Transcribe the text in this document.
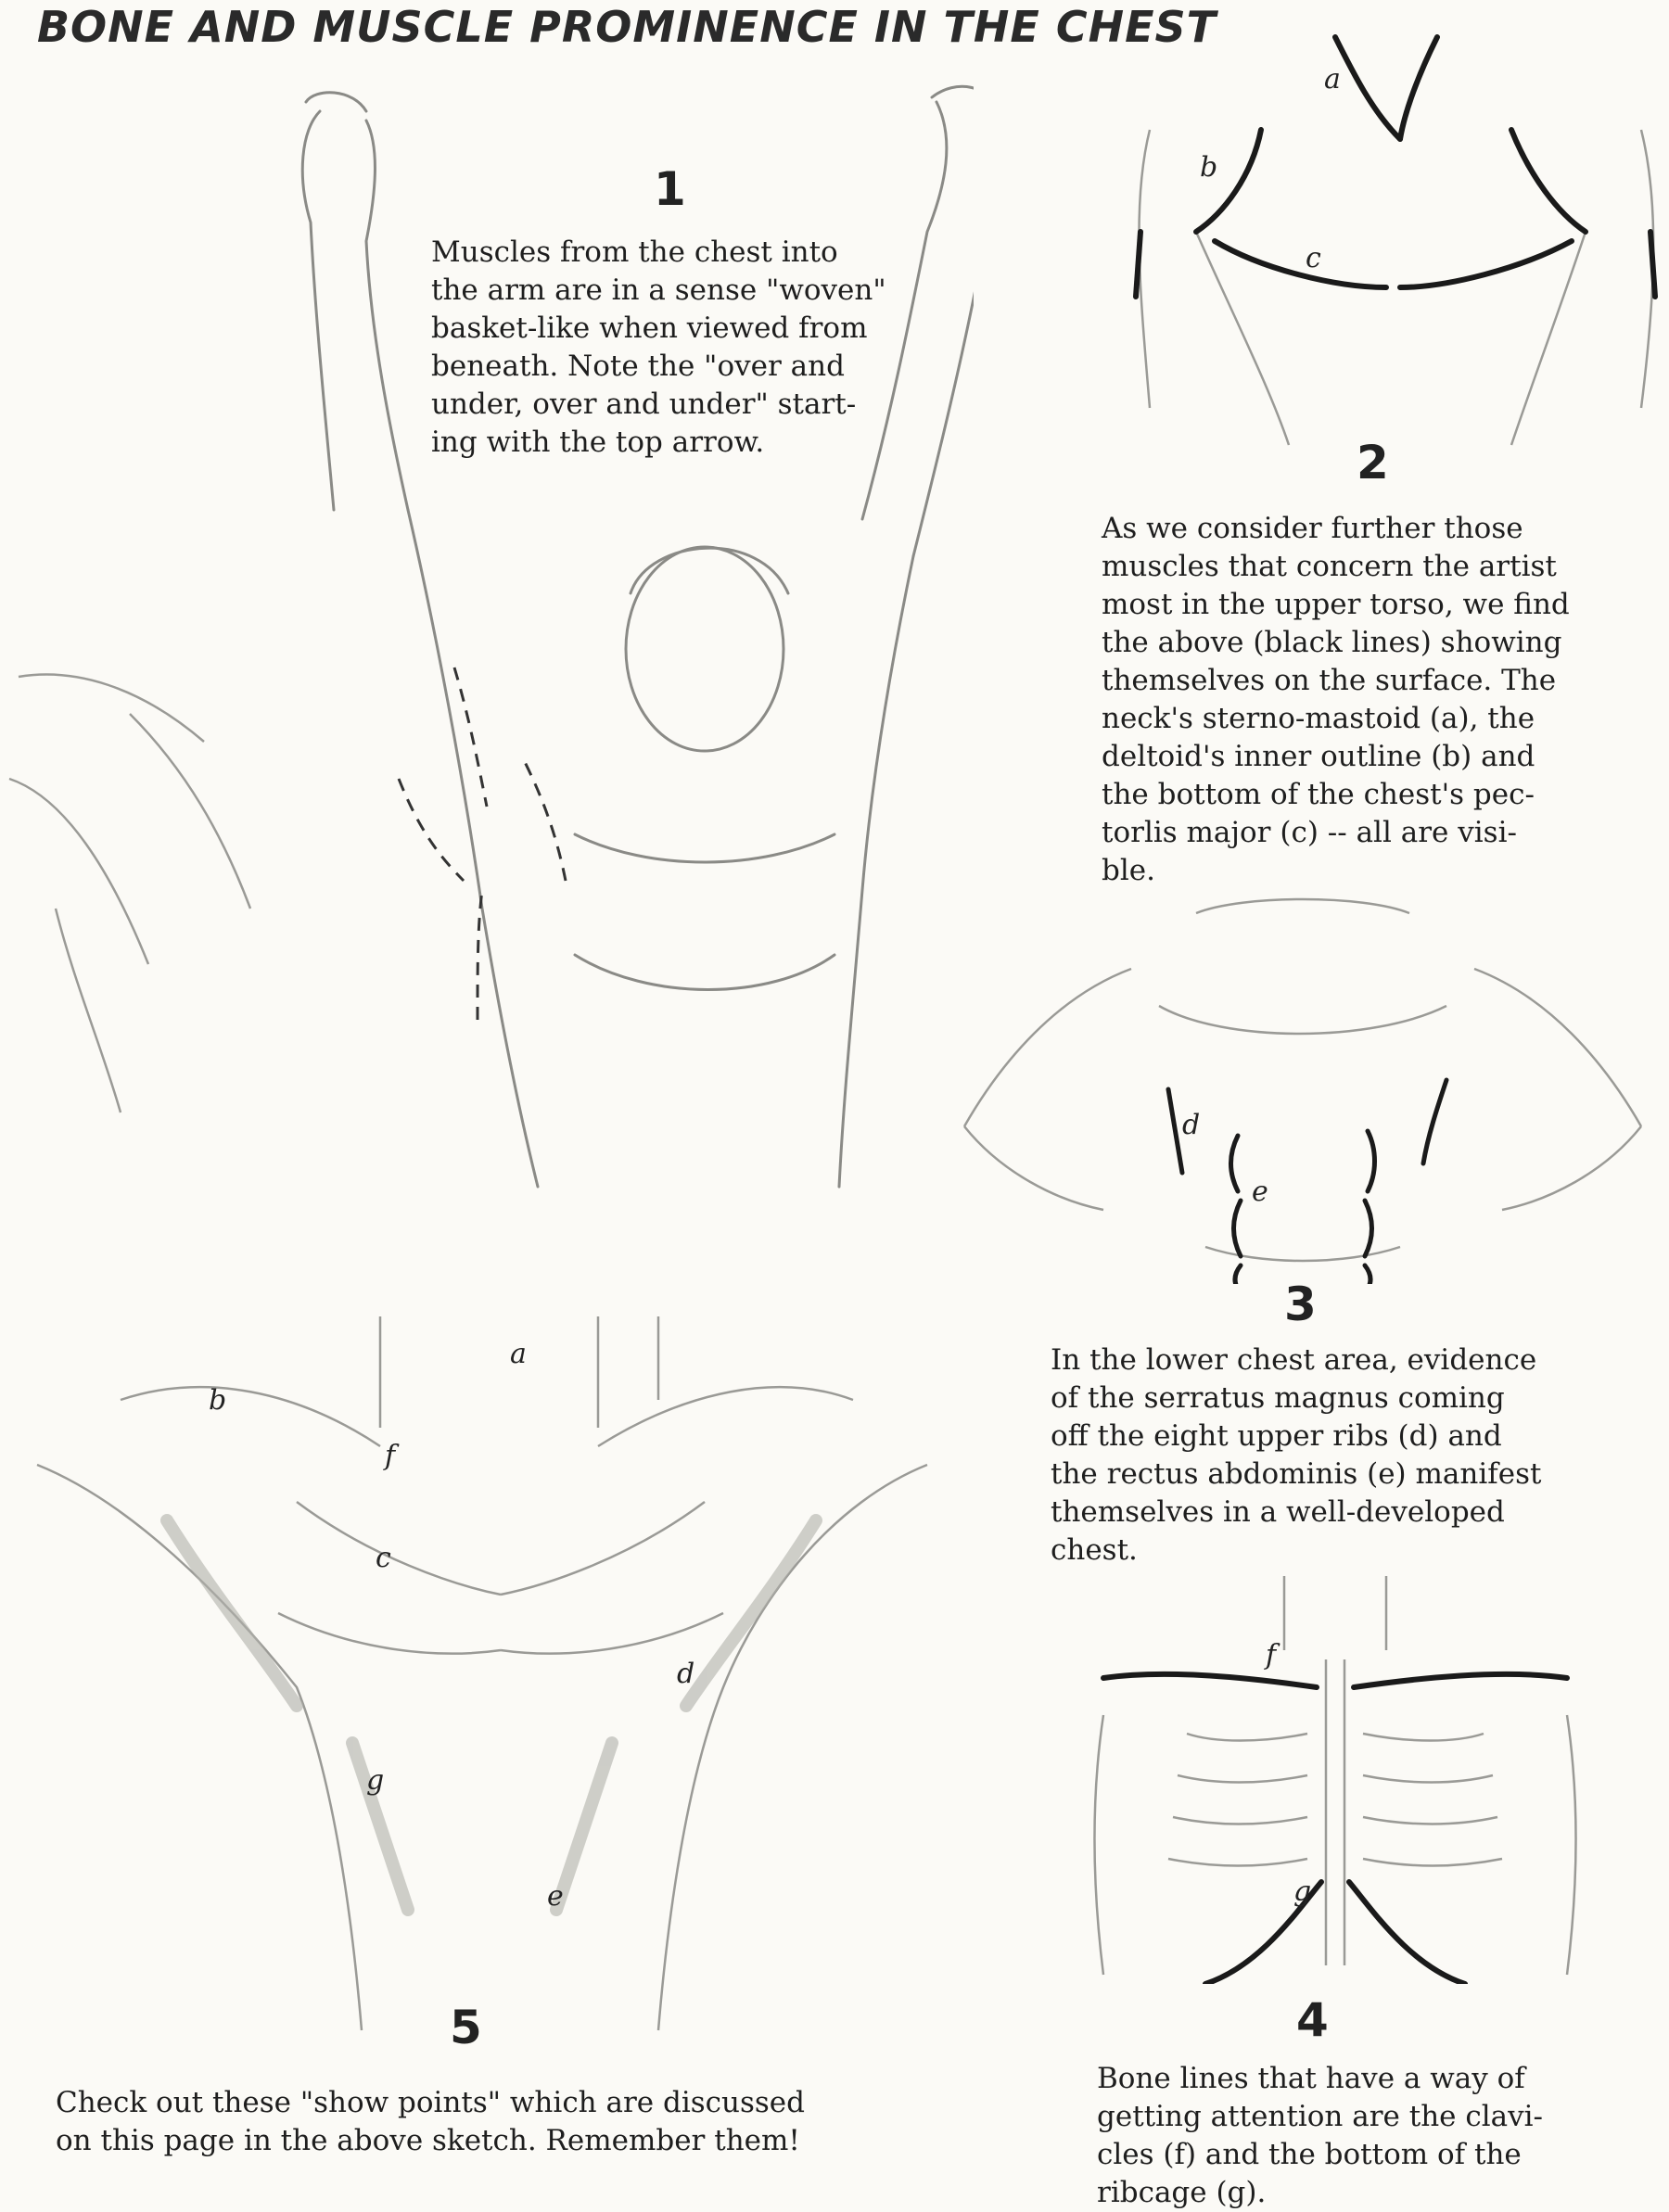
BONE AND MUSCLE PROMINENCE IN THE CHEST
1
Muscles from the chest into
the arm are in a sense "woven"
basket-like when viewed from
beneath. Note the "over and
under, over and under" start-
ing with the top arrow.
a
b
c
2
As we consider further those
muscles that concern the artist
most in the upper torso, we find
the above (black lines) showing
themselves on the surface. The
neck's sterno-mastoid (a), the
deltoid's inner outline (b) and
the bottom of the chest's pec-
torlis major (c) -- all are visi-
ble.
d
e
3
In the lower chest area, evidence
of the serratus magnus coming
off the eight upper ribs (d) and
the rectus abdominis (e) manifest
themselves in a well-developed
chest.
f
g
4
Bone lines that have a way of
getting attention are the clavi-
cles (f) and the bottom of the
ribcage (g).
a
b
f
c
d
g
e
5
Check out these "show points" which are discussed
on this page in the above sketch. Remember them!
